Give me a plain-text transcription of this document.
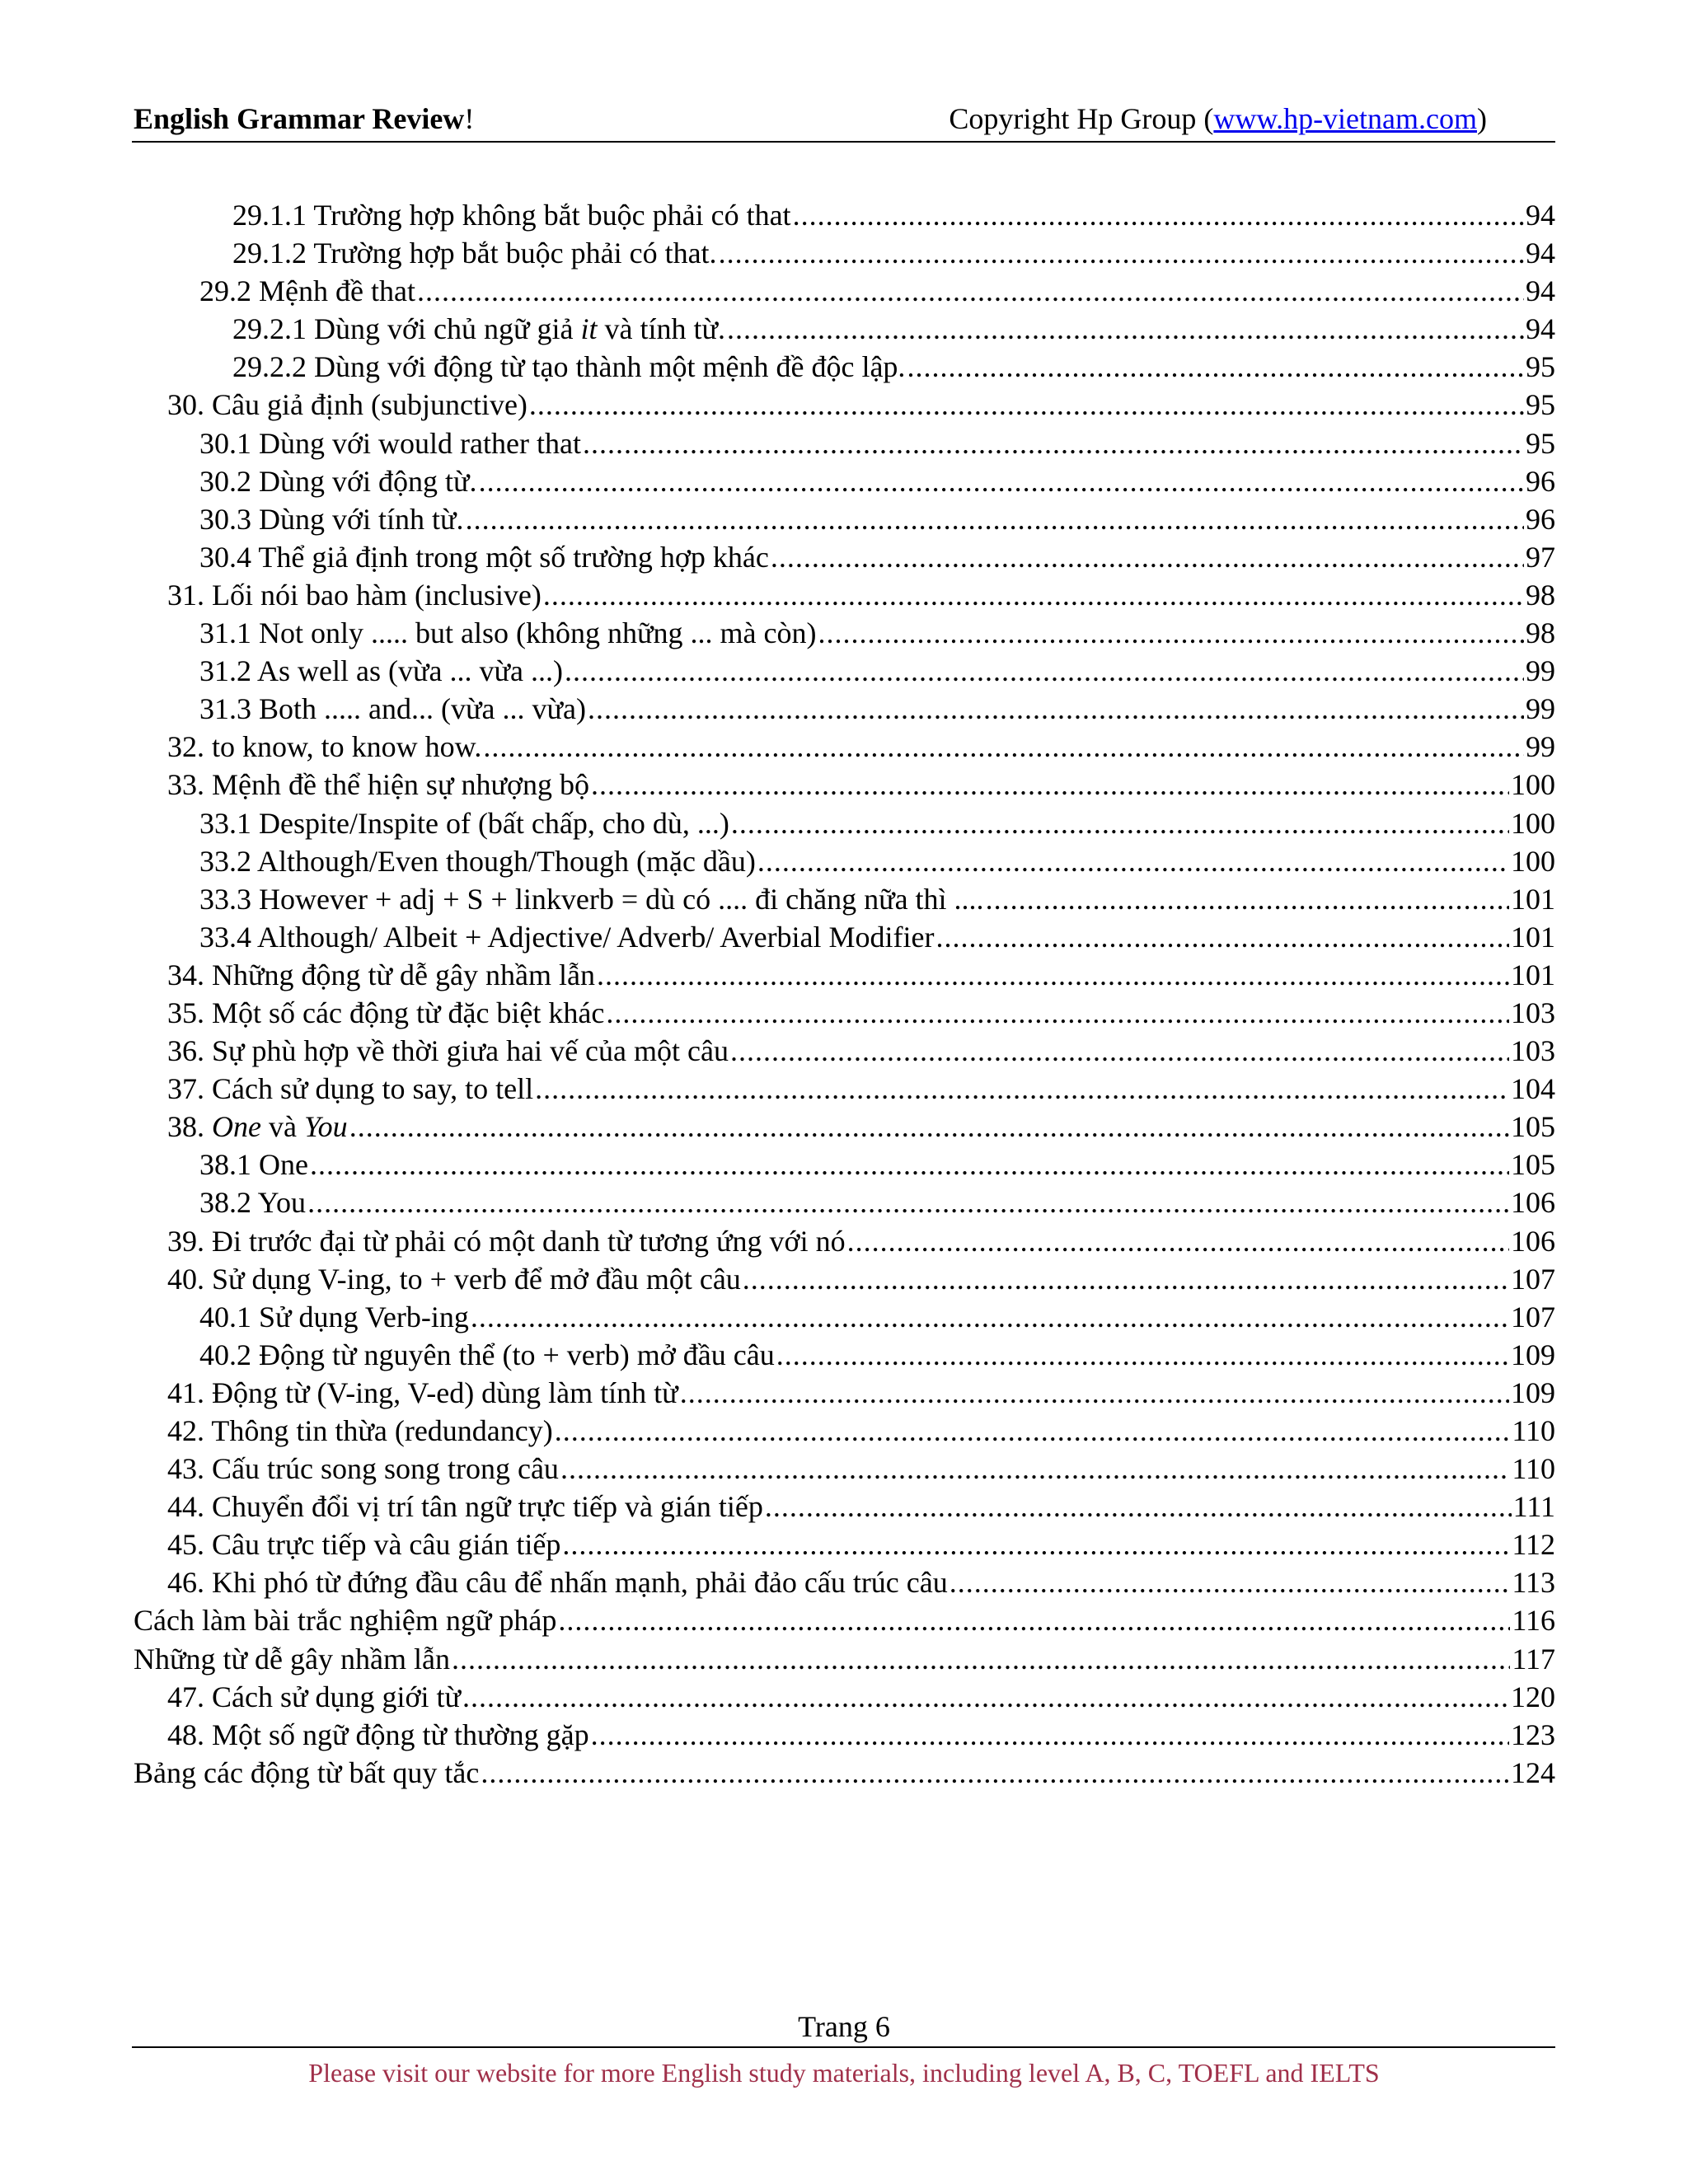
English Grammar Review!	Copyright Hp Group (www.hp-vietnam.com)
29.1.1 Trường hợp không bắt buộc phải có that .....	94
29.1.2 Trường hợp bắt buộc phải có that. .....	94
29.2 Mệnh đề that .....	94
29.2.1 Dùng với chủ ngữ giả it và tính từ. .....	94
29.2.2 Dùng với động từ tạo thành một mệnh đề độc lập. .....	95
30. Câu giả định (subjunctive) .....	95
30.1 Dùng với would rather that .....	95
30.2 Dùng với động từ. .....	96
30.3 Dùng với tính từ. .....	96
30.4 Thể giả định trong một số trường hợp khác .....	97
31. Lối nói bao hàm (inclusive) .....	98
31.1 Not only ..... but also (không những ... mà còn) .....	98
31.2 As well as (vừa ... vừa ...) .....	99
31.3 Both ..... and... (vừa ... vừa) .....	99
32. to know, to know how. .....	99
33. Mệnh đề thể hiện sự nhượng bộ .....	100
33.1 Despite/Inspite of (bất chấp, cho dù, ...) .....	100
33.2 Although/Even though/Though (mặc dầu) .....	100
33.3 However + adj + S + linkverb = dù có .... đi chăng nữa thì .... .....	101
33.4 Although/ Albeit + Adjective/ Adverb/ Averbial Modifier .....	101
34. Những động từ dễ gây nhầm lẫn .....	101
35. Một số các động từ đặc biệt khác .....	103
36. Sự phù hợp về thời giưa hai vế của một câu .....	103
37. Cách sử dụng to say, to tell .....	104
38. One và You .....	105
38.1 One .....	105
38.2 You .....	106
39. Đi trước đại từ phải có một danh từ tương ứng với nó .....	106
40. Sử dụng V-ing, to + verb để mở đầu một câu .....	107
40.1 Sử dụng Verb-ing .....	107
40.2 Động từ nguyên thể (to + verb) mở đầu câu .....	109
41. Động từ (V-ing, V-ed) dùng làm tính từ .....	109
42. Thông tin thừa (redundancy) .....	110
43. Cấu trúc song song trong câu .....	110
44. Chuyển đổi vị trí tân ngữ trực tiếp và gián tiếp .....	111
45. Câu trực tiếp và câu gián tiếp .....	112
46. Khi phó từ đứng đầu câu để nhấn mạnh, phải đảo cấu trúc câu .....	113
Cách làm bài trắc nghiệm ngữ pháp .....	116
Những từ dễ gây nhầm lẫn .....	117
47. Cách sử dụng giới từ .....	120
48. Một số ngữ động từ thường gặp .....	123
Bảng các động từ bất quy tắc .....	124
Trang 6
Please visit our website for more English study materials, including level A, B, C, TOEFL and IELTS
